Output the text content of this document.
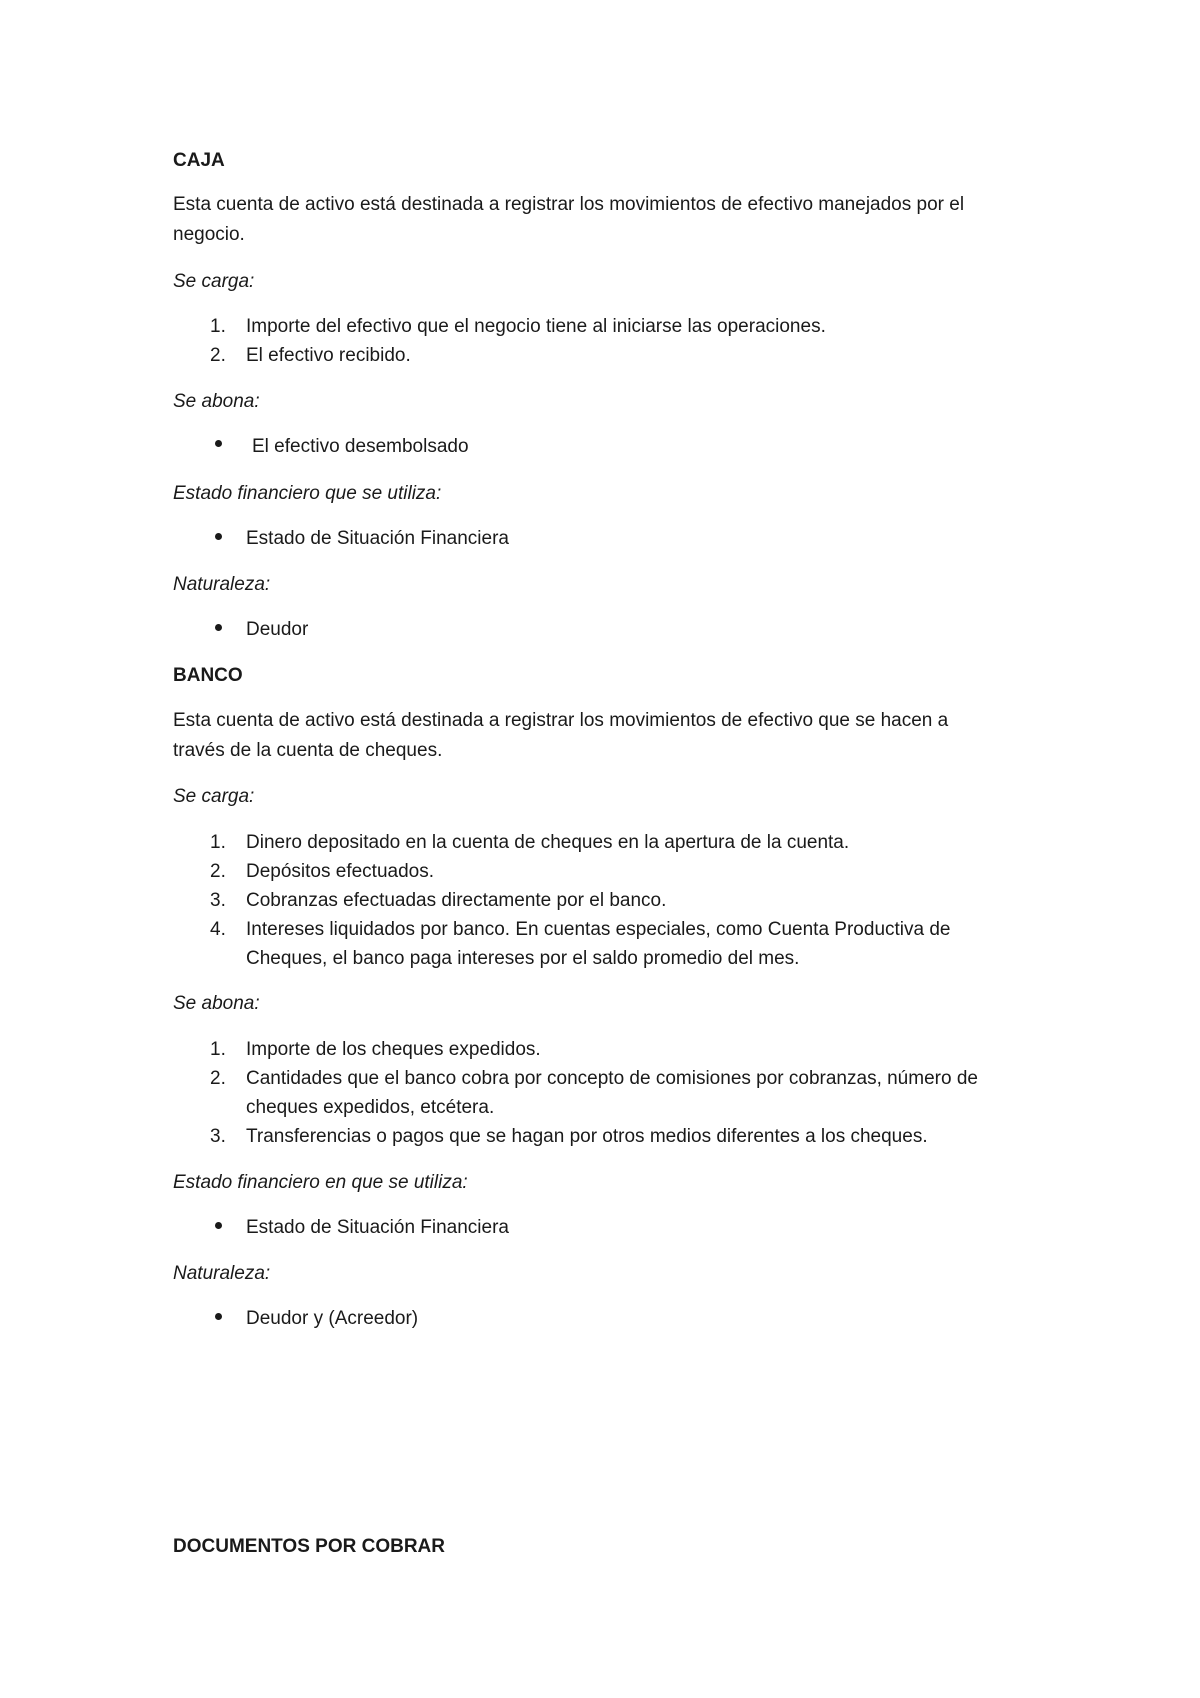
CAJA
Esta cuenta de activo está destinada a registrar los movimientos de efectivo manejados por el
negocio.
Se carga:
1. Importe del efectivo que el negocio tiene al iniciarse las operaciones.
2. El efectivo recibido.
Se abona:
El efectivo desembolsado
Estado financiero que se utiliza:
Estado de Situación Financiera
Naturaleza:
Deudor
BANCO
Esta cuenta de activo está destinada a registrar los movimientos de efectivo que se hacen a
través de la cuenta de cheques.
Se carga:
1. Dinero depositado en la cuenta de cheques en la apertura de la cuenta.
2. Depósitos efectuados.
3. Cobranzas efectuadas directamente por el banco.
4. Intereses liquidados por banco. En cuentas especiales, como Cuenta Productiva de
Cheques, el banco paga intereses por el saldo promedio del mes.
Se abona:
1. Importe de los cheques expedidos.
2. Cantidades que el banco cobra por concepto de comisiones por cobranzas, número de
cheques expedidos, etcétera.
3. Transferencias o pagos que se hagan por otros medios diferentes a los cheques.
Estado financiero en que se utiliza:
Estado de Situación Financiera
Naturaleza:
Deudor y (Acreedor)
DOCUMENTOS POR COBRAR
